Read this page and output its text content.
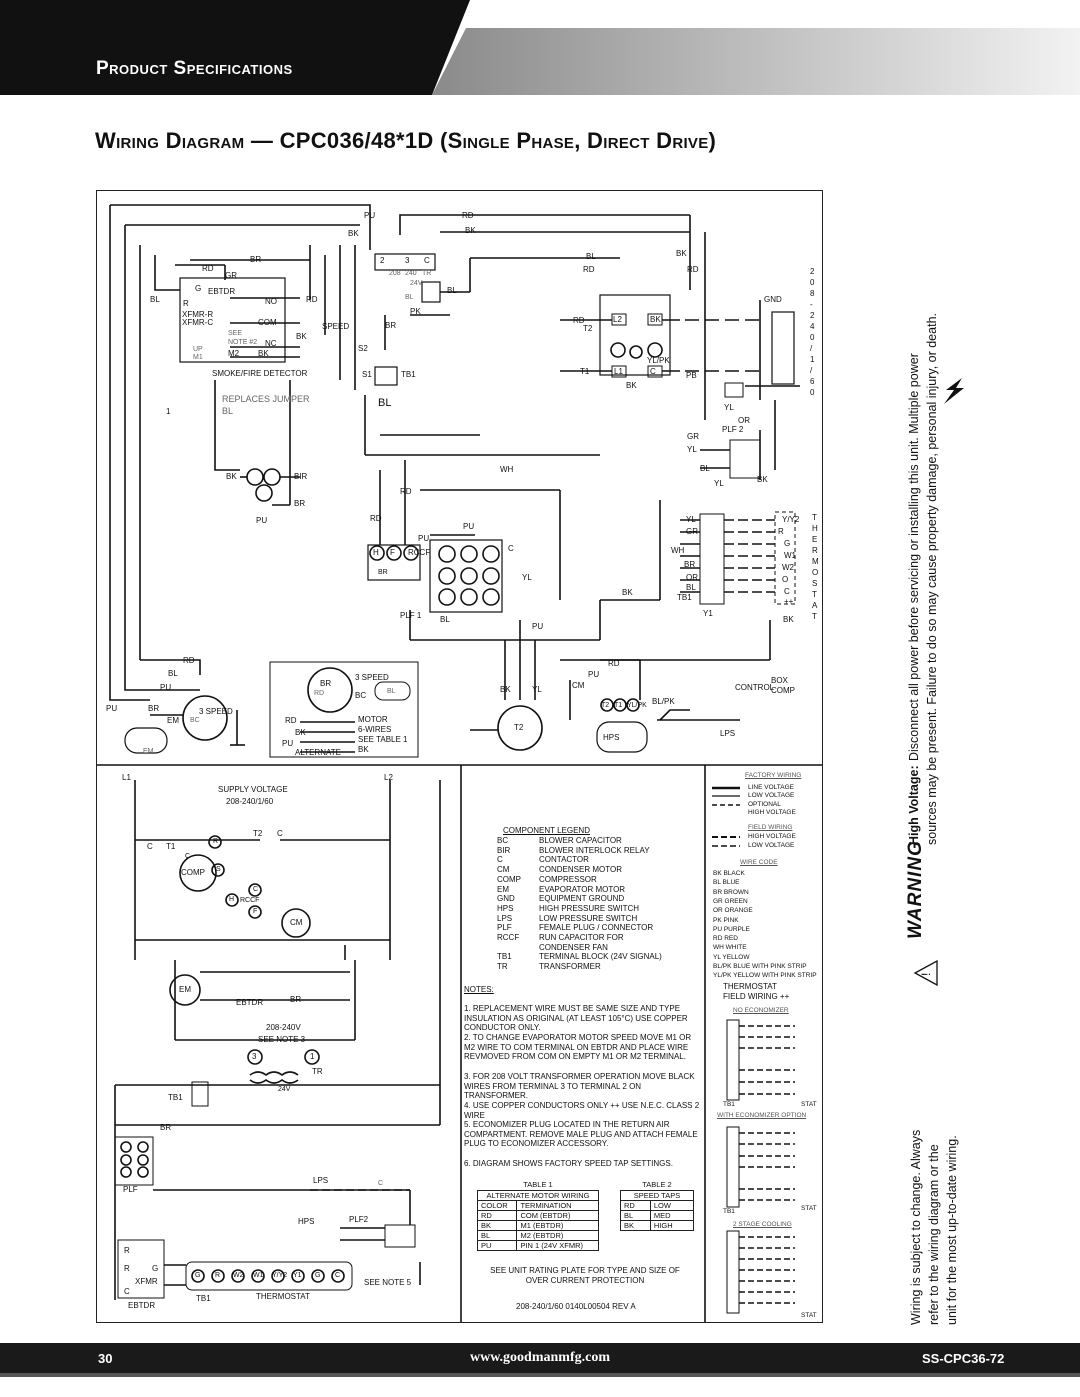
Product Specifications
Wiring Diagram — CPC036/48*1D (Single Phase, Direct Drive)
PU	RD
BK	BK
BR
RD
GR
G EBTDR
BL	R	RD
NO
XFMR-R
XFMR-C	COM	SPEED
SEE
NOTE #2 NC
BK
UP
M1	M2 BK
SMOKE/FIRE DETECTOR
REPLACES JUMPER
BL
1
2	3 C
208 240 TR
24V
BL
BL
PK
BR
S2
S1	TB1
BL
BL
RD
BK
RD
RD
T2
L2	BK
T1	L1	C
YL/PK
BK
PB
GND
YL
OR
PLF 2
GR
YL
BL
YL	BK
BK	BIR
PU
BR
RD
RD
WH
PU
PU
C
H F RCCF
BR
YL
PLF 1 BL
BK
PU
YL
GR
WH
BR
OR
BL
TB1
Y1
Y/Y2
R
G
W1
W2
O
C
++
BK
RD
BL
PU
PU	BR
EM
3 SPEED
BC
EM
BR
3 SPEED
RD	BC	BL
RD
BK
PU
ALTERNATE
MOTOR
6-WIRES
SEE TABLE 1
BK
RD
PU
BK	YL	CM
T2
T2 T1 YL/PK BL/PK
CONTROL
BOX
COMP
HPS	LPS
2
0
8
-
2
4
0
/
1
/
6
0
T
H
E
R
M
O
S
T
A
T
L1	L2
SUPPLY VOLTAGE
208-240/1/60
T2 C
C T1
C
R
COMP S
C
H RCCF
F
CM
EM
EBTDR	BR
208-240V
SEE NOTE 3
3	1
TR
24V
TB1
BR
PLF
LPS	C
HPS	PLF2
R
R	G
XFMR
C
EBTDR
TB1	THERMOSTAT
SEE NOTE 5
G R W2 W1 Y/Y2 Y1 G C
COMPONENT LEGEND
BC	BLOWER CAPACITOR
BIR	BLOWER INTERLOCK RELAY
C	CONTACTOR
CM	CONDENSER MOTOR
COMP	COMPRESSOR
EM	EVAPORATOR MOTOR
GND	EQUIPMENT GROUND
HPS	HIGH PRESSURE SWITCH
LPS	LOW PRESSURE SWITCH
PLF	FEMALE PLUG / CONNECTOR
RCCF	RUN CAPACITOR FOR
CONDENSER FAN
TB1	TERMINAL BLOCK (24V SIGNAL)
TR	TRANSFORMER
NOTES:
1. REPLACEMENT WIRE MUST BE SAME SIZE AND TYPE INSULATION AS ORIGINAL (AT LEAST 105°C) USE COPPER CONDUCTOR ONLY.
2. TO CHANGE EVAPORATOR MOTOR SPEED MOVE M1 OR M2 WIRE TO COM TERMINAL ON EBTDR AND PLACE WIRE REVMOVED FROM COM ON EMPTY M1 OR M2 TERMINAL.
3. FOR 208 VOLT TRANSFORMER OPERATION MOVE BLACK WIRES FROM TERMINAL 3 TO TERMINAL 2 ON TRANSFORMER.
4. USE COPPER CONDUCTORS ONLY ++ USE N.E.C. CLASS 2 WIRE
5. ECONOMIZER PLUG LOCATED IN THE RETURN AIR COMPARTMENT. REMOVE MALE PLUG AND ATTACH FEMALE PLUG TO ECONOMIZER ACCESSORY.
6. DIAGRAM SHOWS FACTORY SPEED TAP SETTINGS.
TABLE 1	
ALTERNATE MOTOR WIRING	
COLOR	TERMINATION
RD	COM (EBTDR)
BK	M1 (EBTDR)
BL	M2 (EBTDR)
PU	PIN 1 (24V XFMR)
TABLE 2	
SPEED TAPS	
RD	LOW
BL	MED
BK	HIGH
SEE UNIT RATING PLATE FOR TYPE AND SIZE OF OVER CURRENT PROTECTION
208-240/1/60 0140L00504 REV A
FACTORY WIRING
LINE VOLTAGE
LOW VOLTAGE
OPTIONAL
HIGH VOLTAGE
FIELD WIRING
HIGH VOLTAGE
LOW VOLTAGE
WIRE CODE
BK BLACK
BL BLUE
BR BROWN
GR GREEN
OR ORANGE
PK PINK
PU PURPLE
RD RED
WH WHITE
YL YELLOW
BL/PK BLUE WITH PINK STRIP
YL/PK YELLOW WITH PINK STRIP
THERMOSTAT
FIELD WIRING ++
NO ECONOMIZER
WITH ECONOMIZER OPTION
2 STAGE COOLING
TB1	STAT
TB1	STAT
STAT
!
WARNING
High Voltage:
Disconnect all power before servicing or installing this unit. Multiple power sources may be present. Failure to do so may cause property damage, personal injury, or death.
Wiring is subject to change. Always refer to the wiring diagram or the unit for the most up-to-date wiring.
30	www.goodmanmfg.com	SS-CPC36-72
